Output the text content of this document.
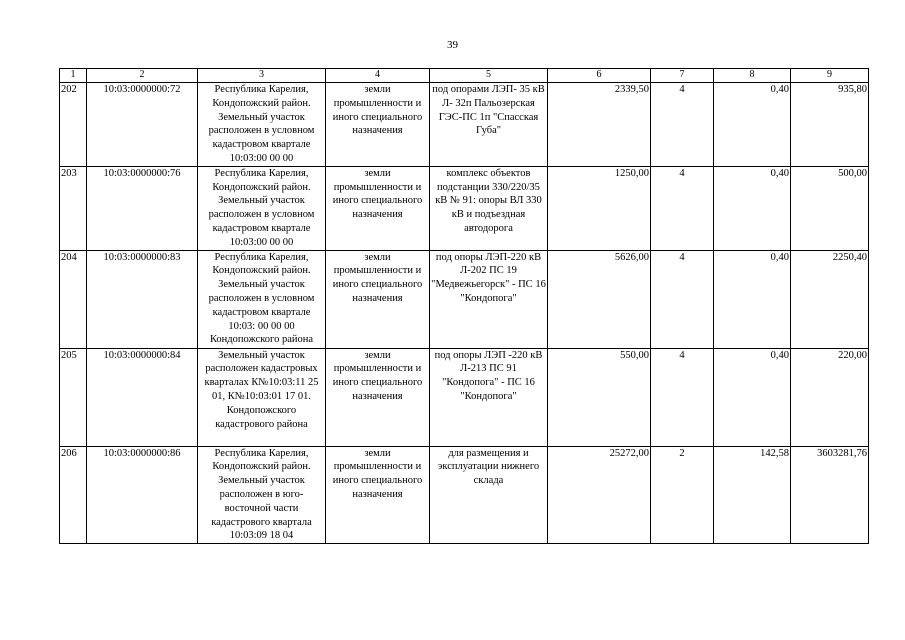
39
1	2	3	4	5	6	7	8	9
202	10:03:0000000:72	Республика Карелия, Кондопожский район. Земельный участок расположен в условном кадастровом квартале 10:03:00 00 00	земли промышленности и иного специального назначения	под опорами ЛЭП- 35 кВ Л- 32п Пальозерская ГЭС-ПС 1п "Спасская Губа"	2339,50	4	0,40	935,80
203	10:03:0000000:76	Республика Карелия, Кондопожский район. Земельный участок расположен в условном кадастровом квартале 10:03:00 00 00	земли промышленности и иного специального назначения	комплекс объектов подстанции 330/220/35 кВ № 91: опоры ВЛ 330 кВ и подъездная автодорога	1250,00	4	0,40	500,00
204	10:03:0000000:83	Республика Карелия, Кондопожский район. Земельный участок расположен в условном кадастровом квартале 10:03: 00 00 00 Кондопожского района	земли промышленности и иного специального назначения	под опоры ЛЭП-220 кВ Л-202 ПС 19 "Медвежьегорск" - ПС 16 "Кондопога"	5626,00	4	0,40	2250,40
205	10:03:0000000:84	Земельный участок расположен кадастровых кварталах К№10:03:11 25 01, К№10:03:01 17 01. Кондопожского кадастрового района	земли промышленности и иного специального назначения	под опоры ЛЭП -220 кВ Л-213 ПС 91 "Кондопога" - ПС 16 "Кондопога"	550,00	4	0,40	220,00
206	10:03:0000000:86	Республика Карелия, Кондопожский район. Земельный участок расположен в юго-восточной части кадастрового квартала 10:03:09 18 04	земли промышленности и иного специального назначения	для размещения и эксплуатации нижнего склада	25272,00	2	142,58	3603281,76
